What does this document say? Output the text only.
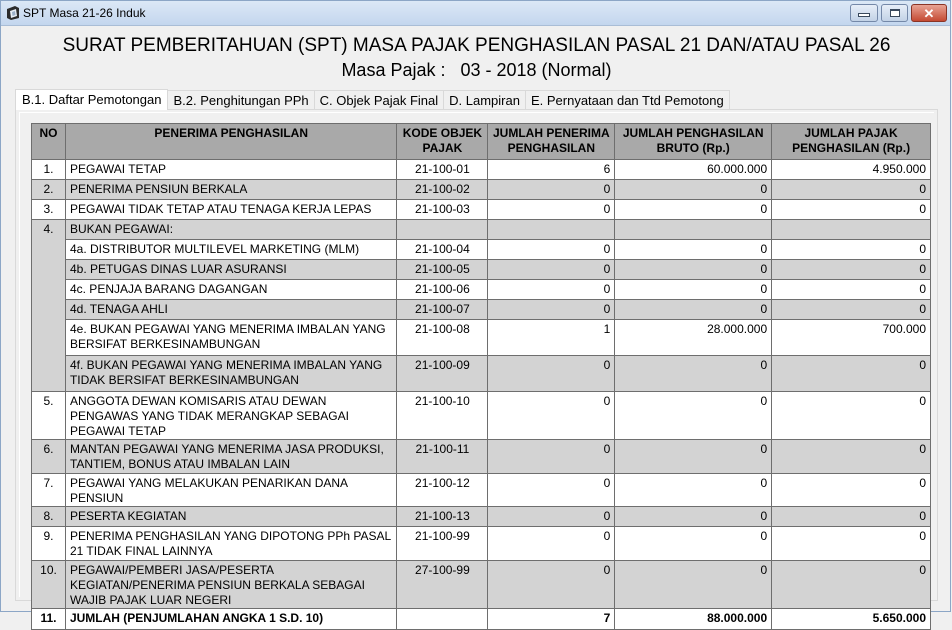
SPT Masa 21-26 Induk	✕
SURAT PEMBERITAHUAN (SPT) MASA PAJAK PENGHASILAN PASAL 21 DAN/ATAU PASAL 26
Masa Pajak :   03 - 2018 (Normal)
B.1. Daftar Pemotongan B.2. Penghitungan PPh C. Objek Pajak Final D. Lampiran E. Pernyataan dan Ttd Pemotong
NO	PENERIMA PENGHASILAN	KODE OBJEK PAJAK	JUMLAH PENERIMA PENGHASILAN	JUMLAH PENGHASILAN BRUTO (Rp.)	JUMLAH PAJAK PENGHASILAN (Rp.)
1.	PEGAWAI TETAP	21-100-01	6	60.000.000	4.950.000
2.	PENERIMA PENSIUN BERKALA	21-100-02	0	0	0
3.	PEGAWAI TIDAK TETAP ATAU TENAGA KERJA LEPAS	21-100-03	0	0	0
4.	BUKAN PEGAWAI:				
	4a. DISTRIBUTOR MULTILEVEL MARKETING (MLM)	21-100-04	0	0	0
	4b. PETUGAS DINAS LUAR ASURANSI	21-100-05	0	0	0
	4c. PENJAJA BARANG DAGANGAN	21-100-06	0	0	0
	4d. TENAGA AHLI	21-100-07	0	0	0
	4e. BUKAN PEGAWAI YANG MENERIMA IMBALAN YANG BERSIFAT BERKESINAMBUNGAN	21-100-08	1	28.000.000	700.000
	4f. BUKAN PEGAWAI YANG MENERIMA IMBALAN YANG TIDAK BERSIFAT BERKESINAMBUNGAN	21-100-09	0	0	0
5.	ANGGOTA DEWAN KOMISARIS ATAU DEWAN PENGAWAS YANG TIDAK MERANGKAP SEBAGAI PEGAWAI TETAP	21-100-10	0	0	0
6.	MANTAN PEGAWAI YANG MENERIMA JASA PRODUKSI, TANTIEM, BONUS ATAU IMBALAN LAIN	21-100-11	0	0	0
7.	PEGAWAI YANG MELAKUKAN PENARIKAN DANA PENSIUN	21-100-12	0	0	0
8.	PESERTA KEGIATAN	21-100-13	0	0	0
9.	PENERIMA PENGHASILAN YANG DIPOTONG PPh PASAL 21 TIDAK FINAL LAINNYA	21-100-99	0	0	0
10.	PEGAWAI/PEMBERI JASA/PESERTA KEGIATAN/PENERIMA PENSIUN BERKALA SEBAGAI WAJIB PAJAK LUAR NEGERI	27-100-99	0	0	0
11.	JUMLAH (PENJUMLAHAN ANGKA 1 S.D. 10)		7	88.000.000	5.650.000
